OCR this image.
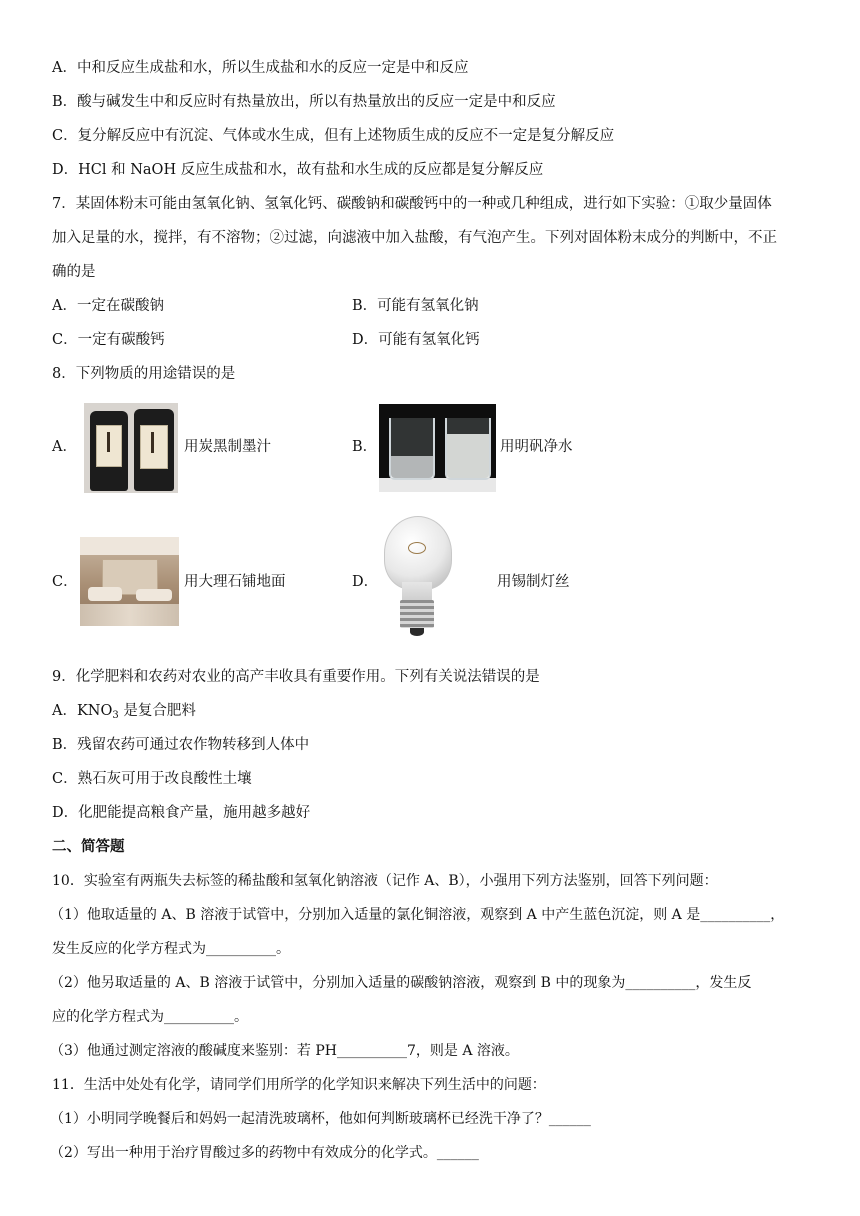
A．中和反应生成盐和水，所以生成盐和水的反应一定是中和反应
B．酸与碱发生中和反应时有热量放出，所以有热量放出的反应一定是中和反应
C．复分解反应中有沉淀、气体或水生成，但有上述物质生成的反应不一定是复分解反应
D．HCl 和 NaOH 反应生成盐和水，故有盐和水生成的反应都是复分解反应
7．某固体粉末可能由氢氧化钠、氢氧化钙、碳酸钠和碳酸钙中的一种或几种组成，进行如下实验：①取少量固体
加入足量的水，搅拌，有不溶物；②过滤，向滤液中加入盐酸，有气泡产生。下列对固体粉末成分的判断中，不正
确的是
A．一定在碳酸钠	B．可能有氢氧化钠
C．一定有碳酸钙	D．可能有氢氧化钙
8．下列物质的用途错误的是
A．	用炭黑制墨汁	B．	用明矾净水
C．	用大理石铺地面	D．	用锡制灯丝
9．化学肥料和农药对农业的高产丰收具有重要作用。下列有关说法错误的是
A．$KNO_3$ 是复合肥料
B．残留农药可通过农作物转移到人体中
C．熟石灰可用于改良酸性土壤
D．化肥能提高粮食产量，施用越多越好
二、简答题
10．实验室有两瓶失去标签的稀盐酸和氢氧化钠溶液（记作 A、B），小强用下列方法鉴别，回答下列问题：
（1）他取适量的 A、B 溶液于试管中，分别加入适量的氯化铜溶液，观察到 A 中产生蓝色沉淀，则 A 是__________，
发生反应的化学方程式为__________。
（2）他另取适量的 A、B 溶液于试管中，分别加入适量的碳酸钠溶液，观察到 B 中的现象为__________，发生反
应的化学方程式为__________。
（3）他通过测定溶液的酸碱度来鉴别：若 PH__________7，则是 A 溶液。
11．生活中处处有化学，请同学们用所学的化学知识来解决下列生活中的问题：
（1）小明同学晚餐后和妈妈一起清洗玻璃杯，他如何判断玻璃杯已经洗干净了？______
（2）写出一种用于治疗胃酸过多的药物中有效成分的化学式。______
